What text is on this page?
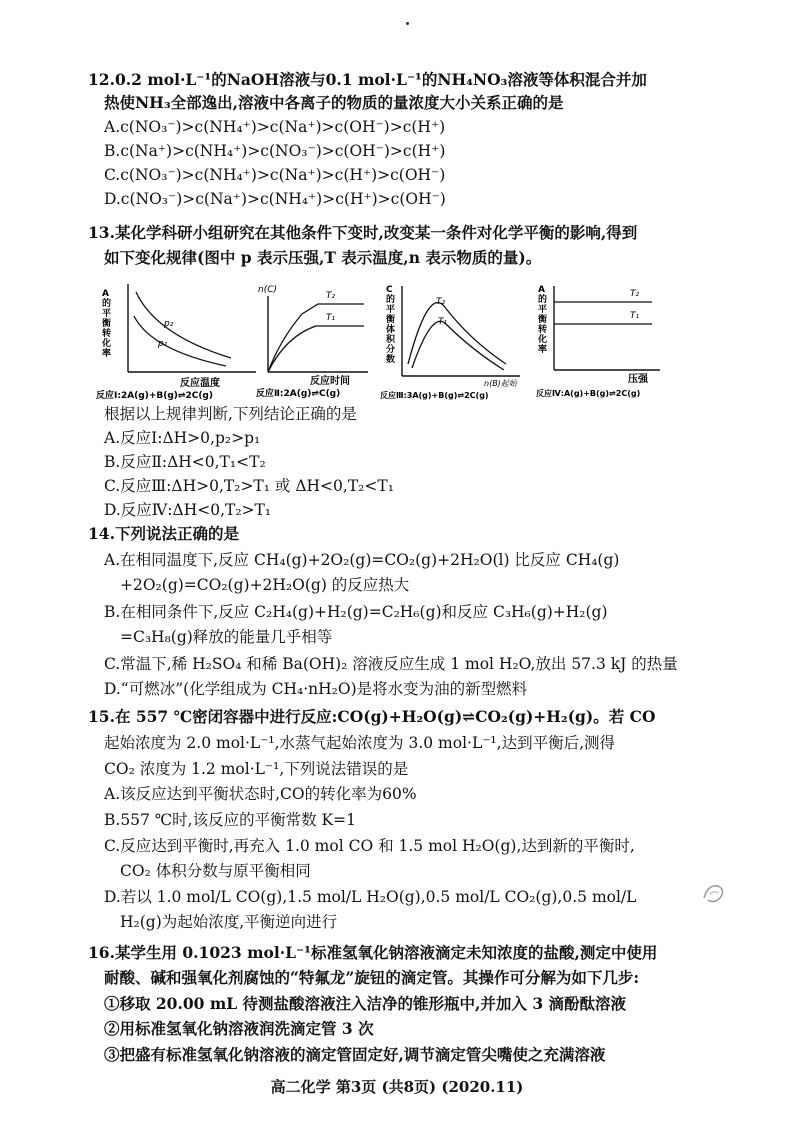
12.0.2 mol·L⁻¹的NaOH溶液与0.1 mol·L⁻¹的NH₄NO₃溶液等体积混合并加
热使NH₃全部逸出,溶液中各离子的物质的量浓度大小关系正确的是
A.c(NO₃⁻)>c(NH₄⁺)>c(Na⁺)>c(OH⁻)>c(H⁺)
B.c(Na⁺)>c(NH₄⁺)>c(NO₃⁻)>c(OH⁻)>c(H⁺)
C.c(NO₃⁻)>c(NH₄⁺)>c(Na⁺)>c(H⁺)>c(OH⁻)
D.c(NO₃⁻)>c(Na⁺)>c(NH₄⁺)>c(H⁺)>c(OH⁻)
13.某化学科研小组研究在其他条件下变时,改变某一条件对化学平衡的影响,得到
如下变化规律(图中 p 表示压强,T 表示温度,n 表示物质的量)。
A 的平衡转化率
p₂
p₁
反应温度
反应Ⅰ:2A(g)+B(g)⇌2C(g)
n(C)
T₂
T₁
反应时间
反应Ⅱ:2A(g)⇌C(g)
C 的平衡体积分数
T₂
T₁
n(B)起始
反应Ⅲ:3A(g)+B(g)⇌2C(g)
A 的平衡转化率
T₂
T₁
压强
反应Ⅳ:A(g)+B(g)⇌2C(g)
根据以上规律判断,下列结论正确的是
A.反应Ⅰ:ΔH>0,p₂>p₁
B.反应Ⅱ:ΔH<0,T₁<T₂
C.反应Ⅲ:ΔH>0,T₂>T₁ 或 ΔH<0,T₂<T₁
D.反应Ⅳ:ΔH<0,T₂>T₁
14.下列说法正确的是
A.在相同温度下,反应 CH₄(g)+2O₂(g)=CO₂(g)+2H₂O(l) 比反应 CH₄(g)
+2O₂(g)=CO₂(g)+2H₂O(g) 的反应热大
B.在相同条件下,反应 C₂H₄(g)+H₂(g)=C₂H₆(g)和反应 C₃H₆(g)+H₂(g)
=C₃H₈(g)释放的能量几乎相等
C.常温下,稀 H₂SO₄ 和稀 Ba(OH)₂ 溶液反应生成 1 mol H₂O,放出 57.3 kJ 的热量
D.“可燃冰”(化学组成为 CH₄·nH₂O)是将水变为油的新型燃料
15.在 557 ℃密闭容器中进行反应:CO(g)+H₂O(g)⇌CO₂(g)+H₂(g)。若 CO
起始浓度为 2.0 mol·L⁻¹,水蒸气起始浓度为 3.0 mol·L⁻¹,达到平衡后,测得
CO₂ 浓度为 1.2 mol·L⁻¹,下列说法错误的是
A.该反应达到平衡状态时,CO的转化率为60%
B.557 ℃时,该反应的平衡常数 K=1
C.反应达到平衡时,再充入 1.0 mol CO 和 1.5 mol H₂O(g),达到新的平衡时,
CO₂ 体积分数与原平衡相同
D.若以 1.0 mol/L CO(g),1.5 mol/L H₂O(g),0.5 mol/L CO₂(g),0.5 mol/L
H₂(g)为起始浓度,平衡逆向进行
16.某学生用 0.1023 mol·L⁻¹标准氢氧化钠溶液滴定未知浓度的盐酸,测定中使用
耐酸、碱和强氧化剂腐蚀的“特氟龙”旋钮的滴定管。其操作可分解为如下几步:
①移取 20.00 mL 待测盐酸溶液注入洁净的锥形瓶中,并加入 3 滴酚酞溶液
②用标准氢氧化钠溶液润洗滴定管 3 次
③把盛有标准氢氧化钠溶液的滴定管固定好,调节滴定管尖嘴使之充满溶液
高二化学 第3页 (共8页) (2020.11)
